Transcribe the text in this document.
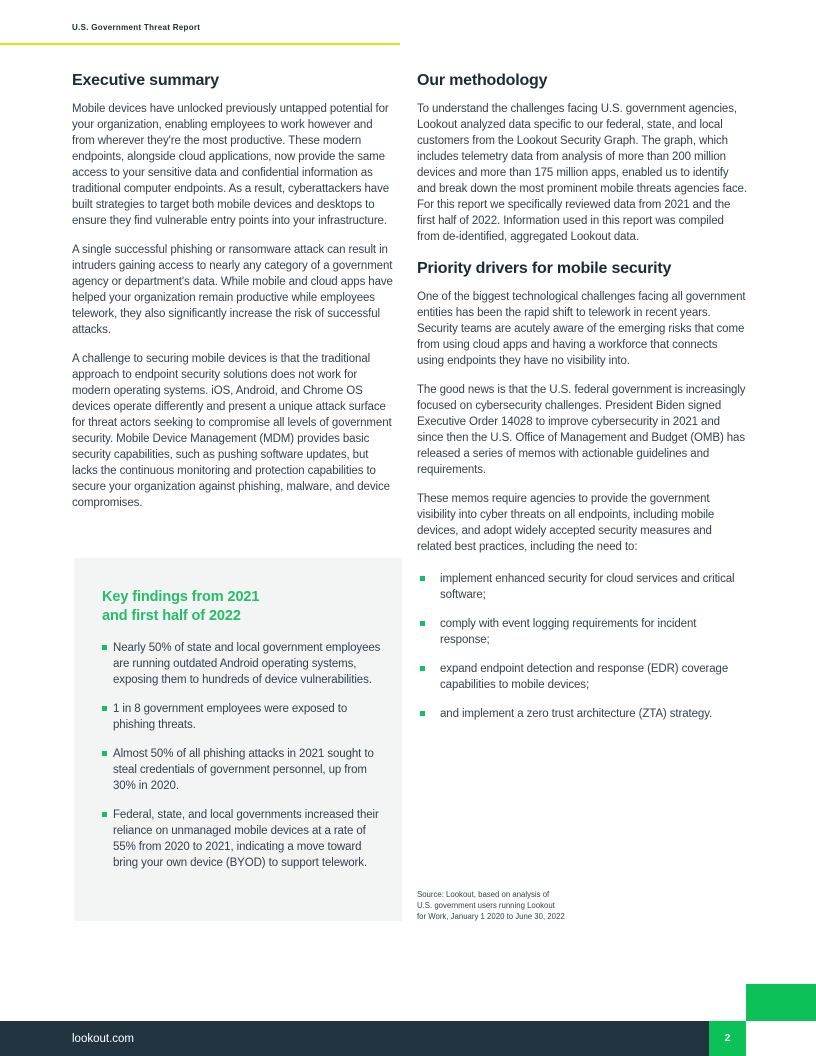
U.S. Government Threat Report
Executive summary

Mobile devices have unlocked previously untapped potential for your organization, enabling employees to work however and from wherever they're the most productive. These modern endpoints, alongside cloud applications, now provide the same access to your sensitive data and confidential information as traditional computer endpoints. As a result, cyberattackers have built strategies to target both mobile devices and desktops to ensure they find vulnerable entry points into your infrastructure.

A single successful phishing or ransomware attack can result in intruders gaining access to nearly any category of a government agency or department's data. While mobile and cloud apps have helped your organization remain productive while employees telework, they also significantly increase the risk of successful attacks.

A challenge to securing mobile devices is that the traditional approach to endpoint security solutions does not work for modern operating systems. iOS, Android, and Chrome OS devices operate differently and present a unique attack surface for threat actors seeking to compromise all levels of government security. Mobile Device Management (MDM) provides basic security capabilities, such as pushing software updates, but lacks the continuous monitoring and protection capabilities to secure your organization against phishing, malware, and device compromises.

Key findings from 2021
and first half of 2022
Nearly 50% of state and local government employees are running outdated Android operating systems, exposing them to hundreds of device vulnerabilities.
1 in 8 government employees were exposed to phishing threats.
Almost 50% of all phishing attacks in 2021 sought to steal credentials of government personnel, up from 30% in 2020.
Federal, state, and local governments increased their reliance on unmanaged mobile devices at a rate of 55% from 2020 to 2021, indicating a move toward bring your own device (BYOD) to support telework.
Our methodology

To understand the challenges facing U.S. government agencies, Lookout analyzed data specific to our federal, state, and local customers from the Lookout Security Graph. The graph, which includes telemetry data from analysis of more than 200 million devices and more than 175 million apps, enabled us to identify and break down the most prominent mobile threats agencies face. For this report we specifically reviewed data from 2021 and the first half of 2022. Information used in this report was compiled from de-identified, aggregated Lookout data.

Priority drivers for mobile security

One of the biggest technological challenges facing all government entities has been the rapid shift to telework in recent years. Security teams are acutely aware of the emerging risks that come from using cloud apps and having a workforce that connects using endpoints they have no visibility into.

The good news is that the U.S. federal government is increasingly focused on cybersecurity challenges. President Biden signed Executive Order 14028 to improve cybersecurity in 2021 and since then the U.S. Office of Management and Budget (OMB) has released a series of memos with actionable guidelines and requirements.

These memos require agencies to provide the government visibility into cyber threats on all endpoints, including mobile devices, and adopt widely accepted security measures and related best practices, including the need to:

implement enhanced security for cloud services and critical software;
comply with event logging requirements for incident response;
expand endpoint detection and response (EDR) coverage capabilities to mobile devices;
and implement a zero trust architecture (ZTA) strategy.
Source: Lookout, based on analysis of
U.S. government users running Lookout
for Work, January 1 2020 to June 30, 2022
lookout.com	2
